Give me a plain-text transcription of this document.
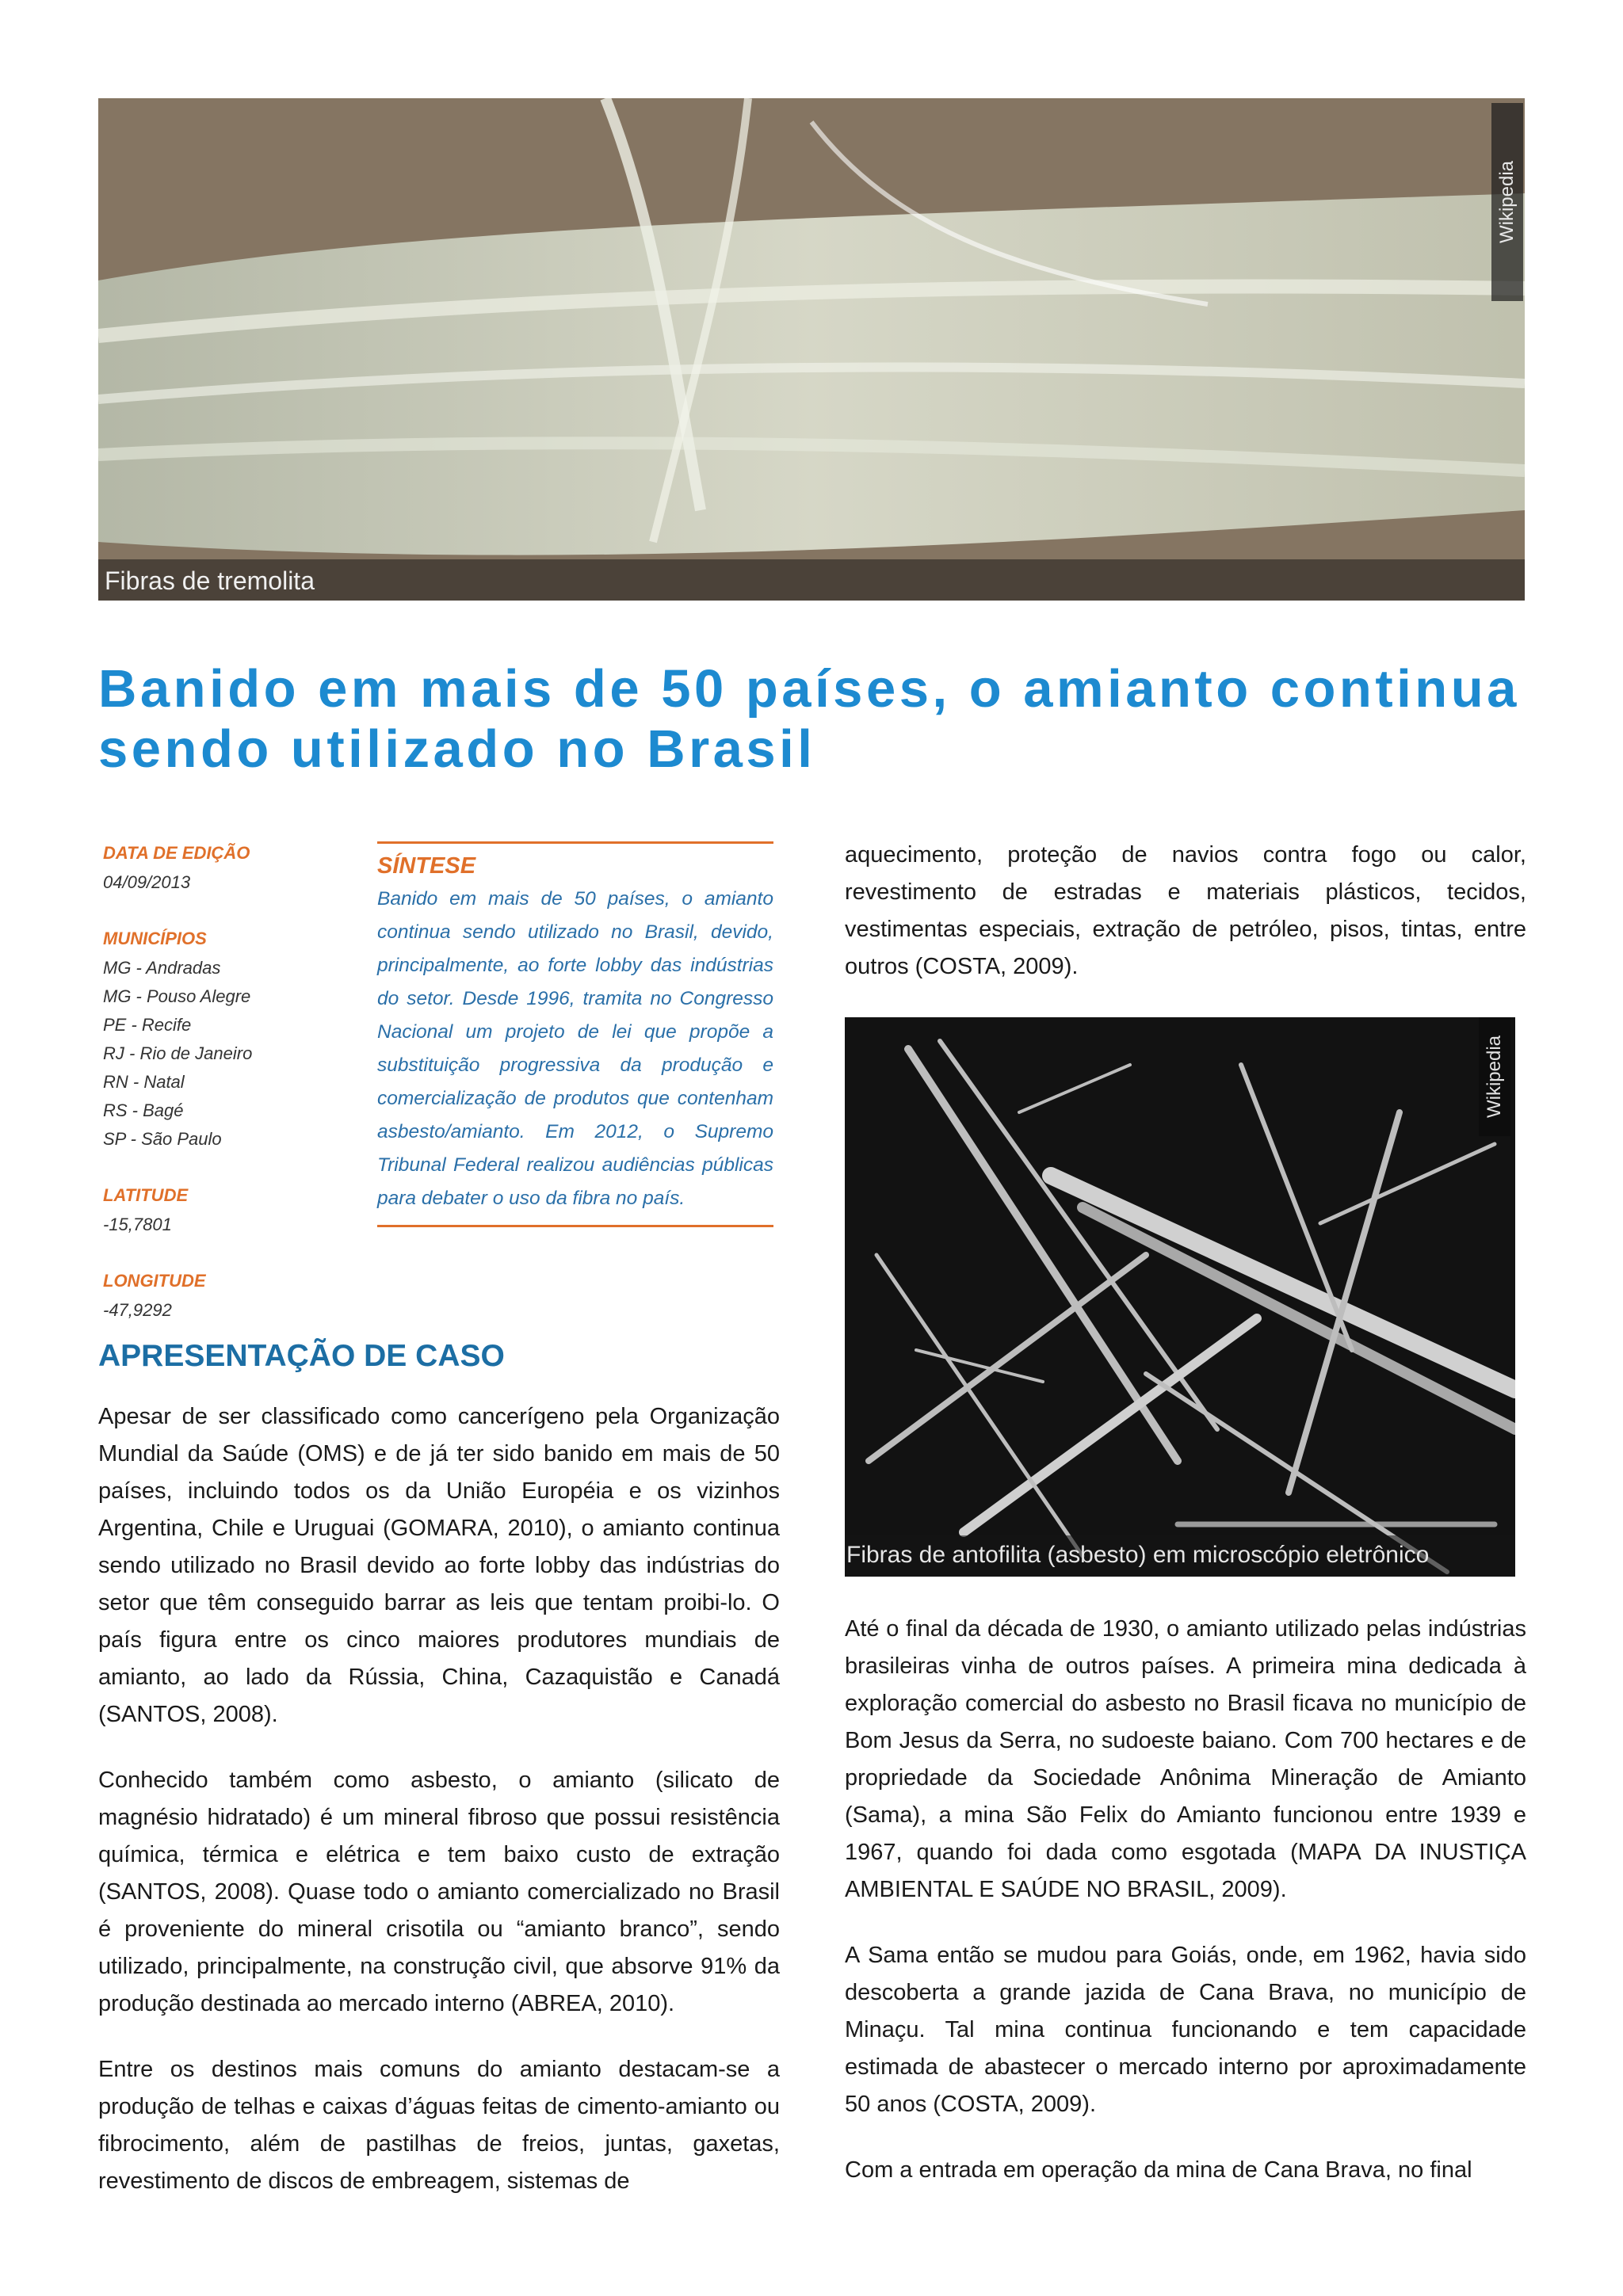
Wikipedia
Fibras de tremolita
Banido em mais de 50 países, o amianto continua sendo utilizado no Brasil
DATA DE EDIÇÃO
04/09/2013
MUNICÍPIOS
MG - Andradas
MG - Pouso Alegre
PE - Recife
RJ - Rio de Janeiro
RN - Natal
RS - Bagé
SP - São Paulo
LATITUDE
-15,7801
LONGITUDE
-47,9292
SÍNTESE

Banido em mais de 50 países, o amianto continua sendo utilizado no Brasil, devido, principalmente, ao forte lobby das indústrias do setor. Desde 1996, tramita no Congresso Nacional um projeto de lei que propõe a substituição progressiva da produção e comercialização de produtos que contenham asbesto/amianto. Em 2012, o Supremo Tribunal Federal realizou audiências públicas para debater o uso da fibra no país.

APRESENTAÇÃO DE CASO

Apesar de ser classificado como cancerígeno pela Organização Mundial da Saúde (OMS) e de já ter sido banido em mais de 50 países, incluindo todos os da União Européia e os vizinhos Argentina, Chile e Uruguai (GOMARA, 2010), o amianto continua sendo utilizado no Brasil devido ao forte lobby das indústrias do setor que têm conseguido barrar as leis que tentam proibi-lo. O país figura entre os cinco maiores produtores mundiais de amianto, ao lado da Rússia, China, Cazaquistão e Canadá (SANTOS, 2008).

Conhecido também como asbesto, o amianto (silicato de magnésio hidratado) é um mineral fibroso que possui resistência química, térmica e elétrica e tem baixo custo de extração (SANTOS, 2008). Quase todo o amianto comercializado no Brasil é proveniente do mineral crisotila ou “amianto branco”, sendo utilizado, principalmente, na construção civil, que absorve 91% da produção destinada ao mercado interno (ABREA, 2010).

Entre os destinos mais comuns do amianto destacam-se a produção de telhas e caixas d’águas feitas de cimento-amianto ou fibrocimento, além de pastilhas de freios, juntas, gaxetas, revestimento de discos de embreagem, sistemas de

aquecimento, proteção de navios contra fogo ou calor, revestimento de estradas e materiais plásticos, tecidos, vestimentas especiais, extração de petróleo, pisos, tintas, entre outros (COSTA, 2009).

Wikipedia
Fibras de antofilita (asbesto) em microscópio eletrônico

Até o final da década de 1930, o amianto utilizado pelas indústrias brasileiras vinha de outros países. A primeira mina dedicada à exploração comercial do asbesto no Brasil ficava no município de Bom Jesus da Serra, no sudoeste baiano. Com 700 hectares e de propriedade da Sociedade Anônima Mineração de Amianto (Sama), a mina São Felix do Amianto funcionou entre 1939 e 1967, quando foi dada como esgotada (MAPA DA INUSTIÇA AMBIENTAL E SAÚDE NO BRASIL, 2009).

A Sama então se mudou para Goiás, onde, em 1962, havia sido descoberta a grande jazida de Cana Brava, no município de Minaçu. Tal mina continua funcionando e tem capacidade estimada de abastecer o mercado interno por aproximadamente 50 anos (COSTA, 2009).

Com a entrada em operação da mina de Cana Brava, no final
